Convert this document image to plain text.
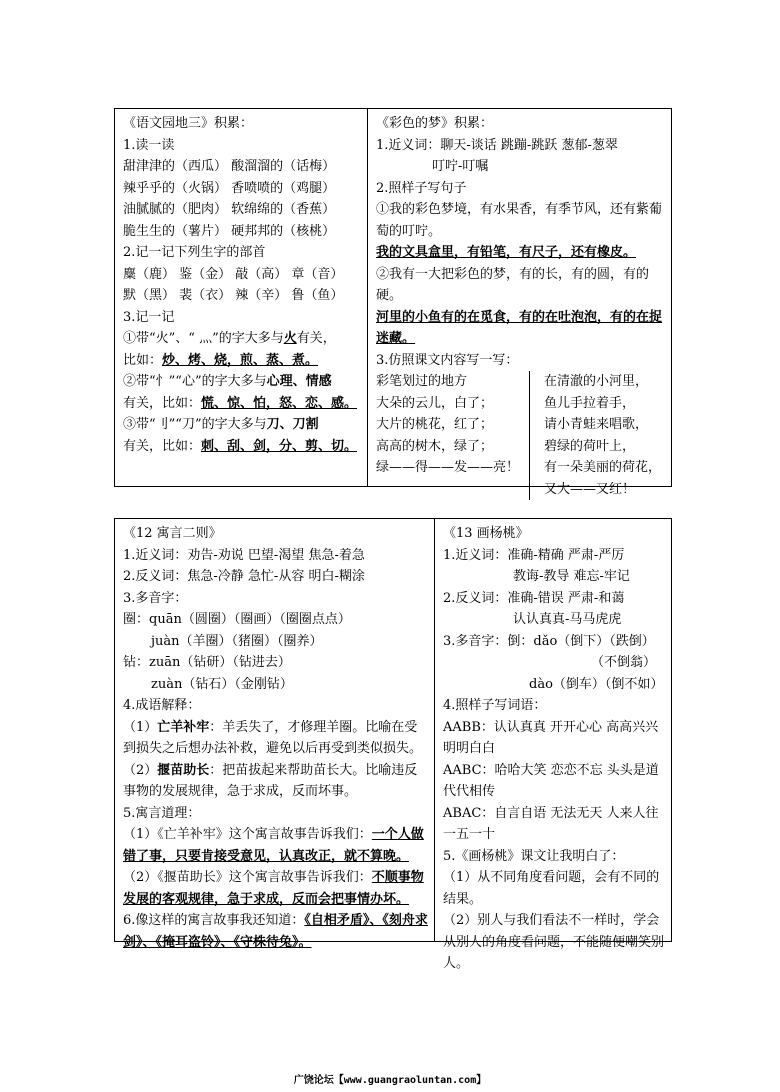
《语文园地三》积累：
1.读一读
甜津津的（西瓜） 酸溜溜的（话梅）
辣乎乎的（火锅） 香喷喷的（鸡腿）
油腻腻的（肥肉） 软绵绵的（香蕉）
脆生生的（薯片） 硬邦邦的（核桃）
2.记一记下列生字的部首
麋（鹿） 鉴（金） 敲（高） 章（音）
默（黑） 裴（衣） 辣（辛） 鲁（鱼）
3.记一记
①带“火”、“ 灬”的字大多与火有关，
比如：炒、烤、烧，煎、蒸、煮。
②带“忄”“心”的字大多与心理、情感
有关，比如：慌、惊、怕，怒、恋、感。
③带“刂”“刀”的字大多与刀、刀割
有关，比如：刺、刮、剑，分、剪、切。
《彩色的梦》积累：
1.近义词：聊天-谈话 跳蹦-跳跃 葱郁-葱翠
叮咛-叮嘱
2.照样子写句子
①我的彩色梦境，有水果香，有季节风，还有紫葡萄的叮咛。
我的文具盒里，有铅笔，有尺子，还有橡皮。
②我有一大把彩色的梦，有的长，有的圆，有的硬。
河里的小鱼有的在觅食，有的在吐泡泡，有的在捉迷藏。
3.仿照课文内容写一写：
彩笔划过的地方
大朵的云儿，白了；
大片的桃花，红了；
高高的树木，绿了；
绿——得——发——亮！
在清澈的小河里，
鱼儿手拉着手，
请小青蛙来唱歌，
碧绿的荷叶上，
有一朵美丽的荷花，
又大——又红！
《12 寓言二则》
1.近义词：劝告-劝说 巴望-渴望 焦急-着急
2.反义词：焦急-冷静 急忙-从容 明白-糊涂
3.多音字：
圈：quān（圆圈）（圈画）（圈圈点点）
juàn（羊圈）（猪圈）（圈养）
钻：zuān（钻研）（钻进去）
zuàn（钻石）（金刚钻）
4.成语解释：
（1）亡羊补牢：羊丢失了，才修理羊圈。比喻在受到损失之后想办法补救，避免以后再受到类似损失。
（2）揠苗助长：把苗拔起来帮助苗长大。比喻违反事物的发展规律，急于求成，反而坏事。
5.寓言道理：
（1）《亡羊补牢》这个寓言故事告诉我们：一个人做错了事，只要肯接受意见，认真改正，就不算晚。
（2）《揠苗助长》这个寓言故事告诉我们：不顺事物发展的客观规律，急于求成，反而会把事情办坏。
6.像这样的寓言故事我还知道：《自相矛盾》、《刻舟求剑》、《掩耳盗铃》、《守株待兔》。
《13 画杨桃》
1.近义词：准确-精确 严肃-严厉
教诲-教导 难忘-牢记
2.反义词：准确-错误 严肃-和蔼
认认真真-马马虎虎
3.多音字：倒：dǎo（倒下）（跌倒）
（不倒翁）
dào（倒车）（倒不如）
4.照样子写词语：
AABB：认认真真 开开心心 高高兴兴 明明白白
AABC：哈哈大笑 恋恋不忘 头头是道 代代相传
ABAC：自言自语 无法无天 人来人往 一五一十
5.《画杨桃》课文让我明白了：
（1）从不同角度看问题，会有不同的结果。
（2）别人与我们看法不一样时，学会从别人的角度看问题，不能随便嘲笑别人。
广饶论坛【www.guangraoluntan.com】
